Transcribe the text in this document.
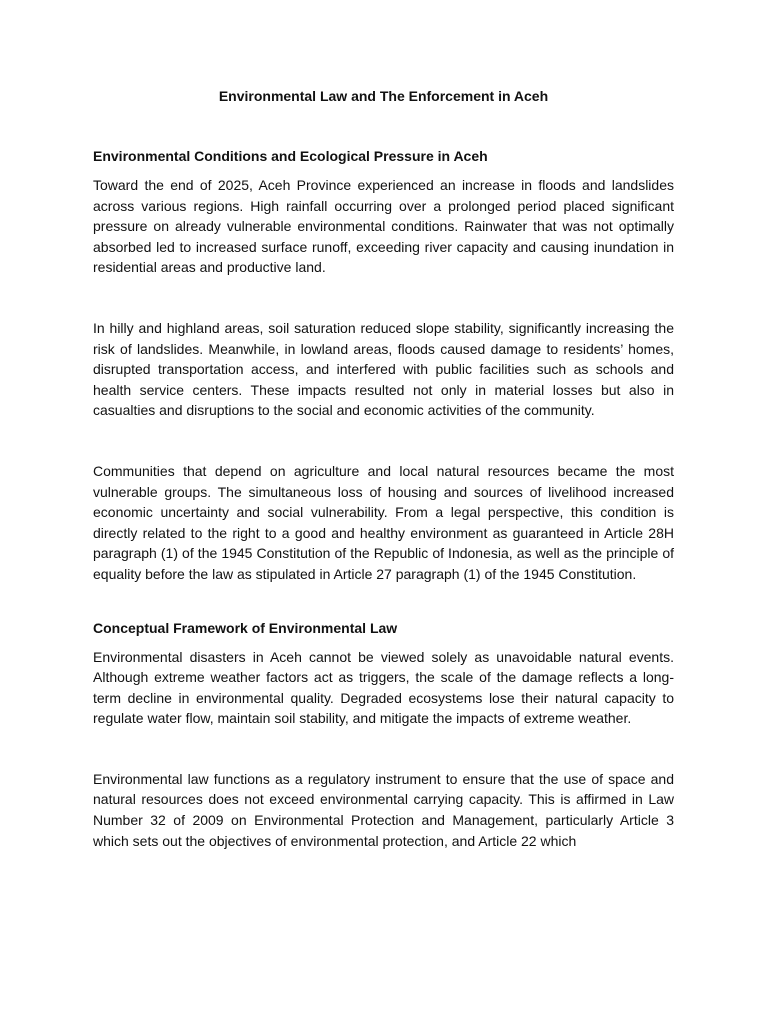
Environmental Law and The Enforcement in Aceh
Environmental Conditions and Ecological Pressure in Aceh

Toward the end of 2025, Aceh Province experienced an increase in floods and landslides across various regions. High rainfall occurring over a prolonged period placed significant pressure on already vulnerable environmental conditions. Rainwater that was not optimally absorbed led to increased surface runoff, exceeding river capacity and causing inundation in residential areas and productive land.

In hilly and highland areas, soil saturation reduced slope stability, significantly increasing the risk of landslides. Meanwhile, in lowland areas, floods caused damage to residents’ homes, disrupted transportation access, and interfered with public facilities such as schools and health service centers. These impacts resulted not only in material losses but also in casualties and disruptions to the social and economic activities of the community.

Communities that depend on agriculture and local natural resources became the most vulnerable groups. The simultaneous loss of housing and sources of livelihood increased economic uncertainty and social vulnerability. From a legal perspective, this condition is directly related to the right to a good and healthy environment as guaranteed in Article 28H paragraph (1) of the 1945 Constitution of the Republic of Indonesia, as well as the principle of equality before the law as stipulated in Article 27 paragraph (1) of the 1945 Constitution.

Conceptual Framework of Environmental Law

Environmental disasters in Aceh cannot be viewed solely as unavoidable natural events. Although extreme weather factors act as triggers, the scale of the damage reflects a long-term decline in environmental quality. Degraded ecosystems lose their natural capacity to regulate water flow, maintain soil stability, and mitigate the impacts of extreme weather.

Environmental law functions as a regulatory instrument to ensure that the use of space and natural resources does not exceed environmental carrying capacity. This is affirmed in Law Number 32 of 2009 on Environmental Protection and Management, particularly Article 3 which sets out the objectives of environmental protection, and Article 22 which
